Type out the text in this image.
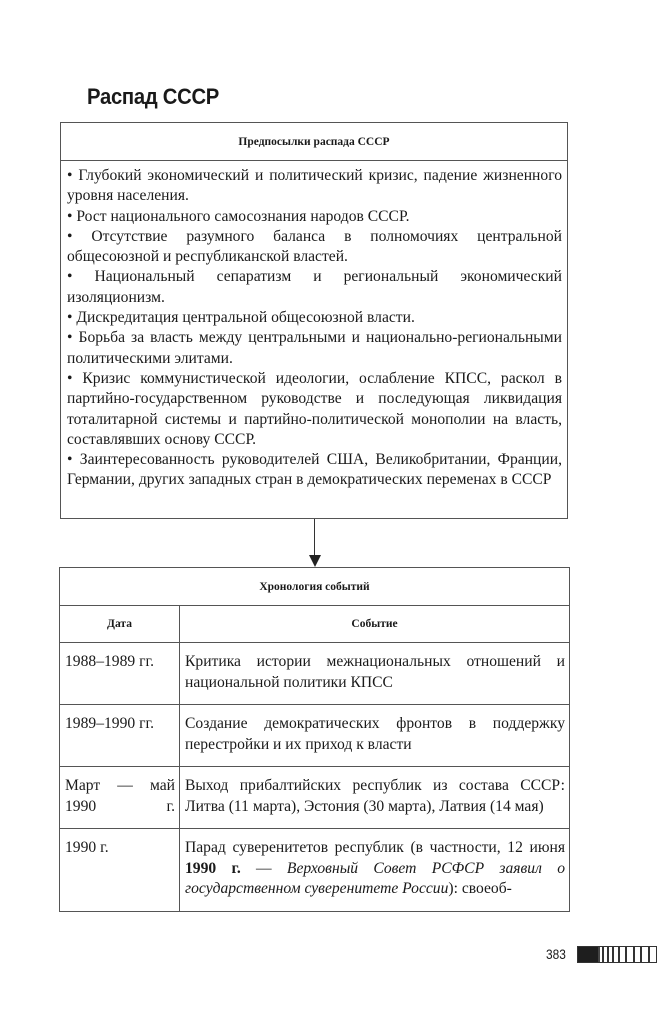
Распад СССР
Предпосылки распада СССР

• Глубокий экономический и политический кризис, падение жизненного уровня населения.

• Рост национального самосознания народов СССР.

• Отсутствие разумного баланса в полномочиях центральной общесоюзной и республиканской властей.

• Национальный сепаратизм и региональный экономический изоляционизм.

• Дискредитация центральной общесоюзной власти.

• Борьба за власть между центральными и национально-региональными политическими элитами.

• Кризис коммунистической идеологии, ослабление КПСС, раскол в партийно-государственном руководстве и последующая ликвидация тоталитарной системы и партийно-политической монополии на власть, составлявших основу СССР.

• Заинтересованность руководителей США, Великобритании, Франции, Германии, других западных стран в демократических переменах в СССР

Хронология событий	
Дата	Событие
1988–1989 гг.	Критика истории межнациональных отношений и национальной политики КПСС
1989–1990 гг.	Создание демократических фронтов в поддержку перестройки и их приход к власти
Март — май 1990 г.	Выход прибалтийских республик из состава СССР: Литва (11 марта), Эстония (30 марта), Латвия (14 мая)
1990 г.	Парад суверенитетов республик (в частности, 12 июня 1990 г. — Верховный Совет РСФСР заявил о государственном суверенитете России): своеоб-
383
